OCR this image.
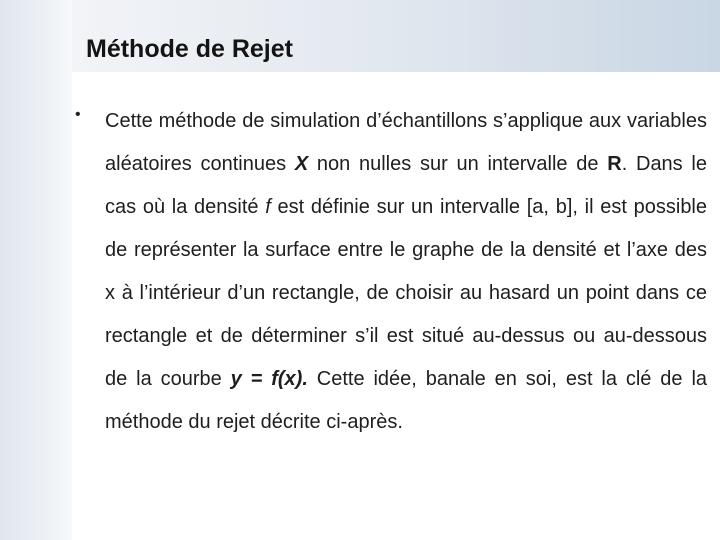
Méthode de Rejet
• Cette méthode de simulation d’échantillons s’applique aux variables aléatoires continues X non nulles sur un intervalle de R. Dans le cas où la densité f est définie sur un intervalle [a, b], il est possible de représenter la surface entre le graphe de la densité et l’axe des x à l’intérieur d’un rectangle, de choisir au hasard un point dans ce rectangle et de déterminer s’il est situé au-dessus ou au-dessous de la courbe y = f(x). Cette idée, banale en soi, est la clé de la méthode du rejet décrite ci-après.
